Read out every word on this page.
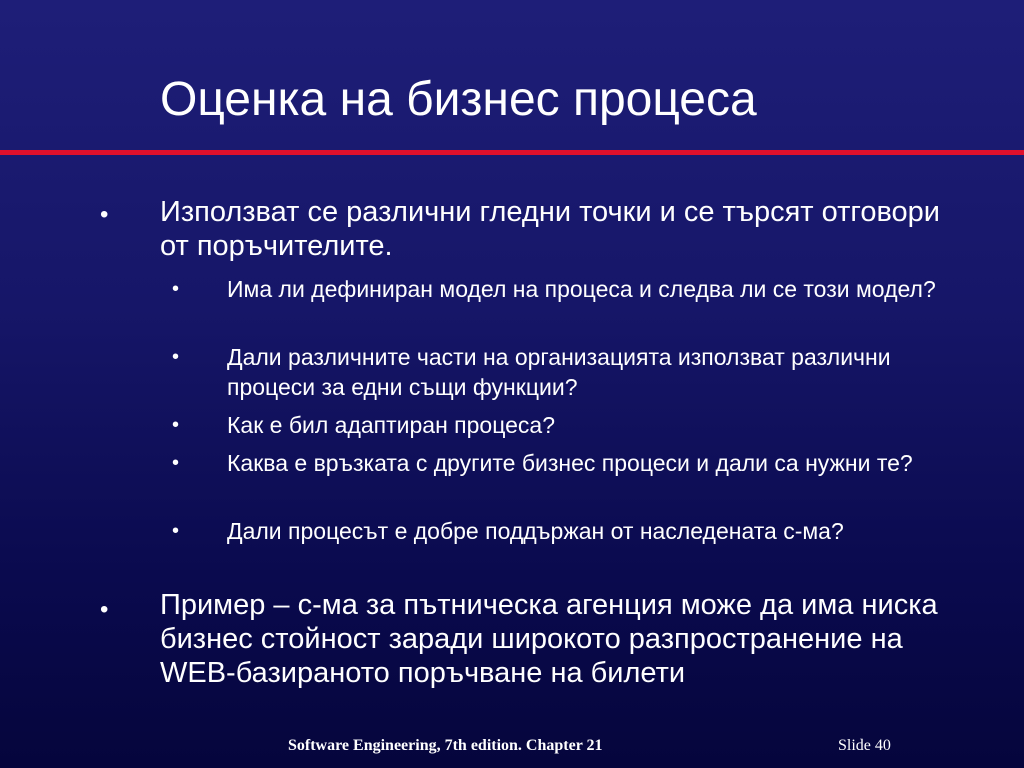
Оценка на бизнес процеса
• Използват се различни гледни точки и се търсят отговори от поръчителите.
• Има ли дефиниран модел на процеса и следва ли се този модел?
• Дали различните части на организацията използват различни процеси за едни същи функции?
• Как е бил адаптиран процеса?
• Каква е връзката с другите бизнес процеси и дали са нужни те?
• Дали процесът е добре поддържан от наследената с-ма?
• Пример – с-ма за пътническа агенция може да има ниска бизнес стойност заради широкото разпространение на WEB-базираното поръчване на билети
Software Engineering, 7th edition. Chapter 21	Slide 40
